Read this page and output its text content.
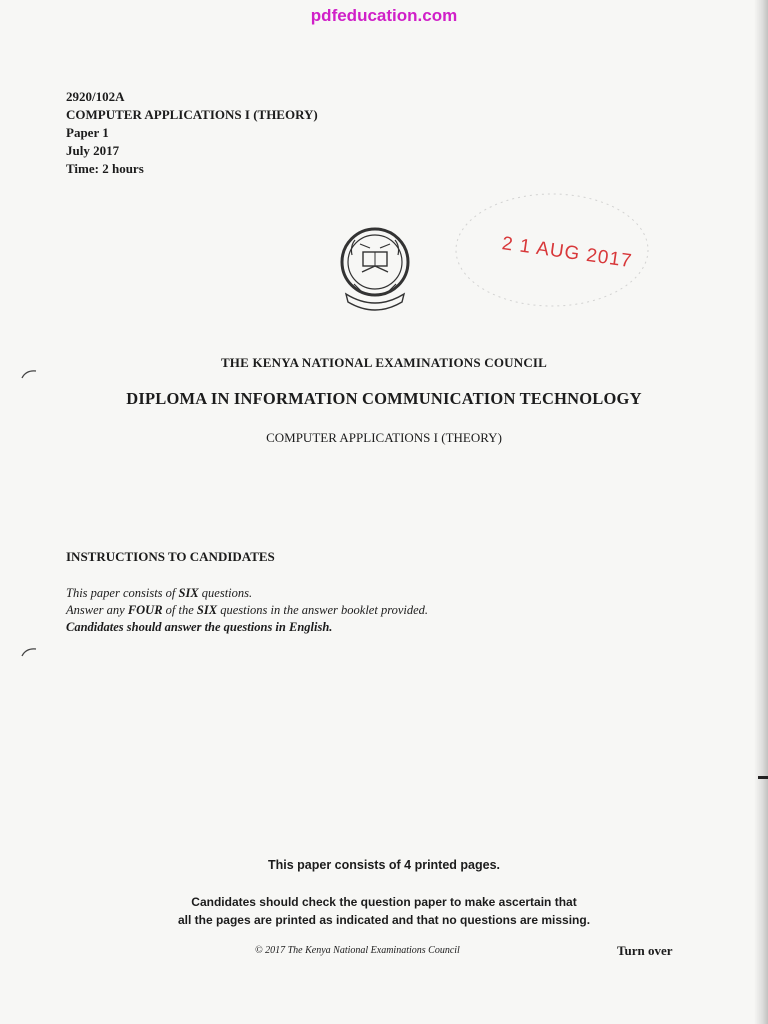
pdfeducation.com
2920/102A
COMPUTER APPLICATIONS I (THEORY)
Paper 1
July 2017
Time: 2 hours
2 1 AUG 2017
THE KENYA NATIONAL EXAMINATIONS COUNCIL
DIPLOMA IN INFORMATION COMMUNICATION TECHNOLOGY
COMPUTER APPLICATIONS I (THEORY)
INSTRUCTIONS TO CANDIDATES
This paper consists of SIX questions.
Answer any FOUR of the SIX questions in the answer booklet provided.
Candidates should answer the questions in English.
This paper consists of 4 printed pages.
Candidates should check the question paper to make ascertain that
all the pages are printed as indicated and that no questions are missing.
© 2017 The Kenya National Examinations Council	Turn over
